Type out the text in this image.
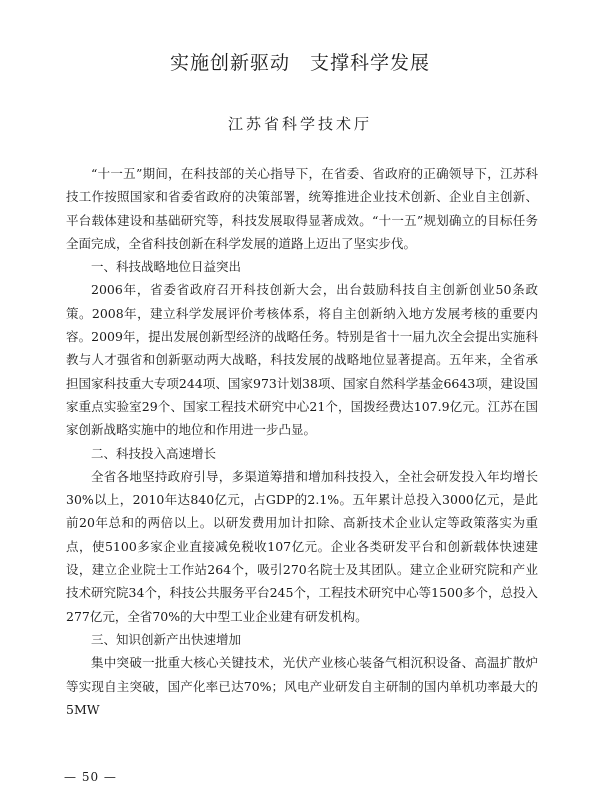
实施创新驱动　支撑科学发展
江苏省科学技术厅

“十一五”期间，在科技部的关心指导下，在省委、省政府的正确领导下，江苏科技工作按照国家和省委省政府的决策部署，统筹推进企业技术创新、企业自主创新、平台载体建设和基础研究等，科技发展取得显著成效。“十一五”规划确立的目标任务全面完成，全省科技创新在科学发展的道路上迈出了坚实步伐。

一、科技战略地位日益突出

2006年，省委省政府召开科技创新大会，出台鼓励科技自主创新创业50条政策。2008年，建立科学发展评价考核体系，将自主创新纳入地方发展考核的重要内容。2009年，提出发展创新型经济的战略任务。特别是省十一届九次全会提出实施科教与人才强省和创新驱动两大战略，科技发展的战略地位显著提高。五年来，全省承担国家科技重大专项244项、国家973计划38项、国家自然科学基金6643项，建设国家重点实验室29个、国家工程技术研究中心21个，国拨经费达107.9亿元。江苏在国家创新战略实施中的地位和作用进一步凸显。

二、科技投入高速增长

全省各地坚持政府引导，多渠道筹措和增加科技投入，全社会研发投入年均增长30%以上，2010年达840亿元，占GDP的2.1%。五年累计总投入3000亿元，是此前20年总和的两倍以上。以研发费用加计扣除、高新技术企业认定等政策落实为重点，使5100多家企业直接减免税收107亿元。企业各类研发平台和创新载体快速建设，建立企业院士工作站264个，吸引270名院士及其团队。建立企业研究院和产业技术研究院34个，科技公共服务平台245个，工程技术研究中心等1500多个，总投入277亿元，全省70%的大中型工业企业建有研发机构。

三、知识创新产出快速增加

集中突破一批重大核心关键技术，光伏产业核心装备气相沉积设备、高温扩散炉等实现自主突破，国产化率已达70%；风电产业研发自主研制的国内单机功率最大的5MW

— 50 —
